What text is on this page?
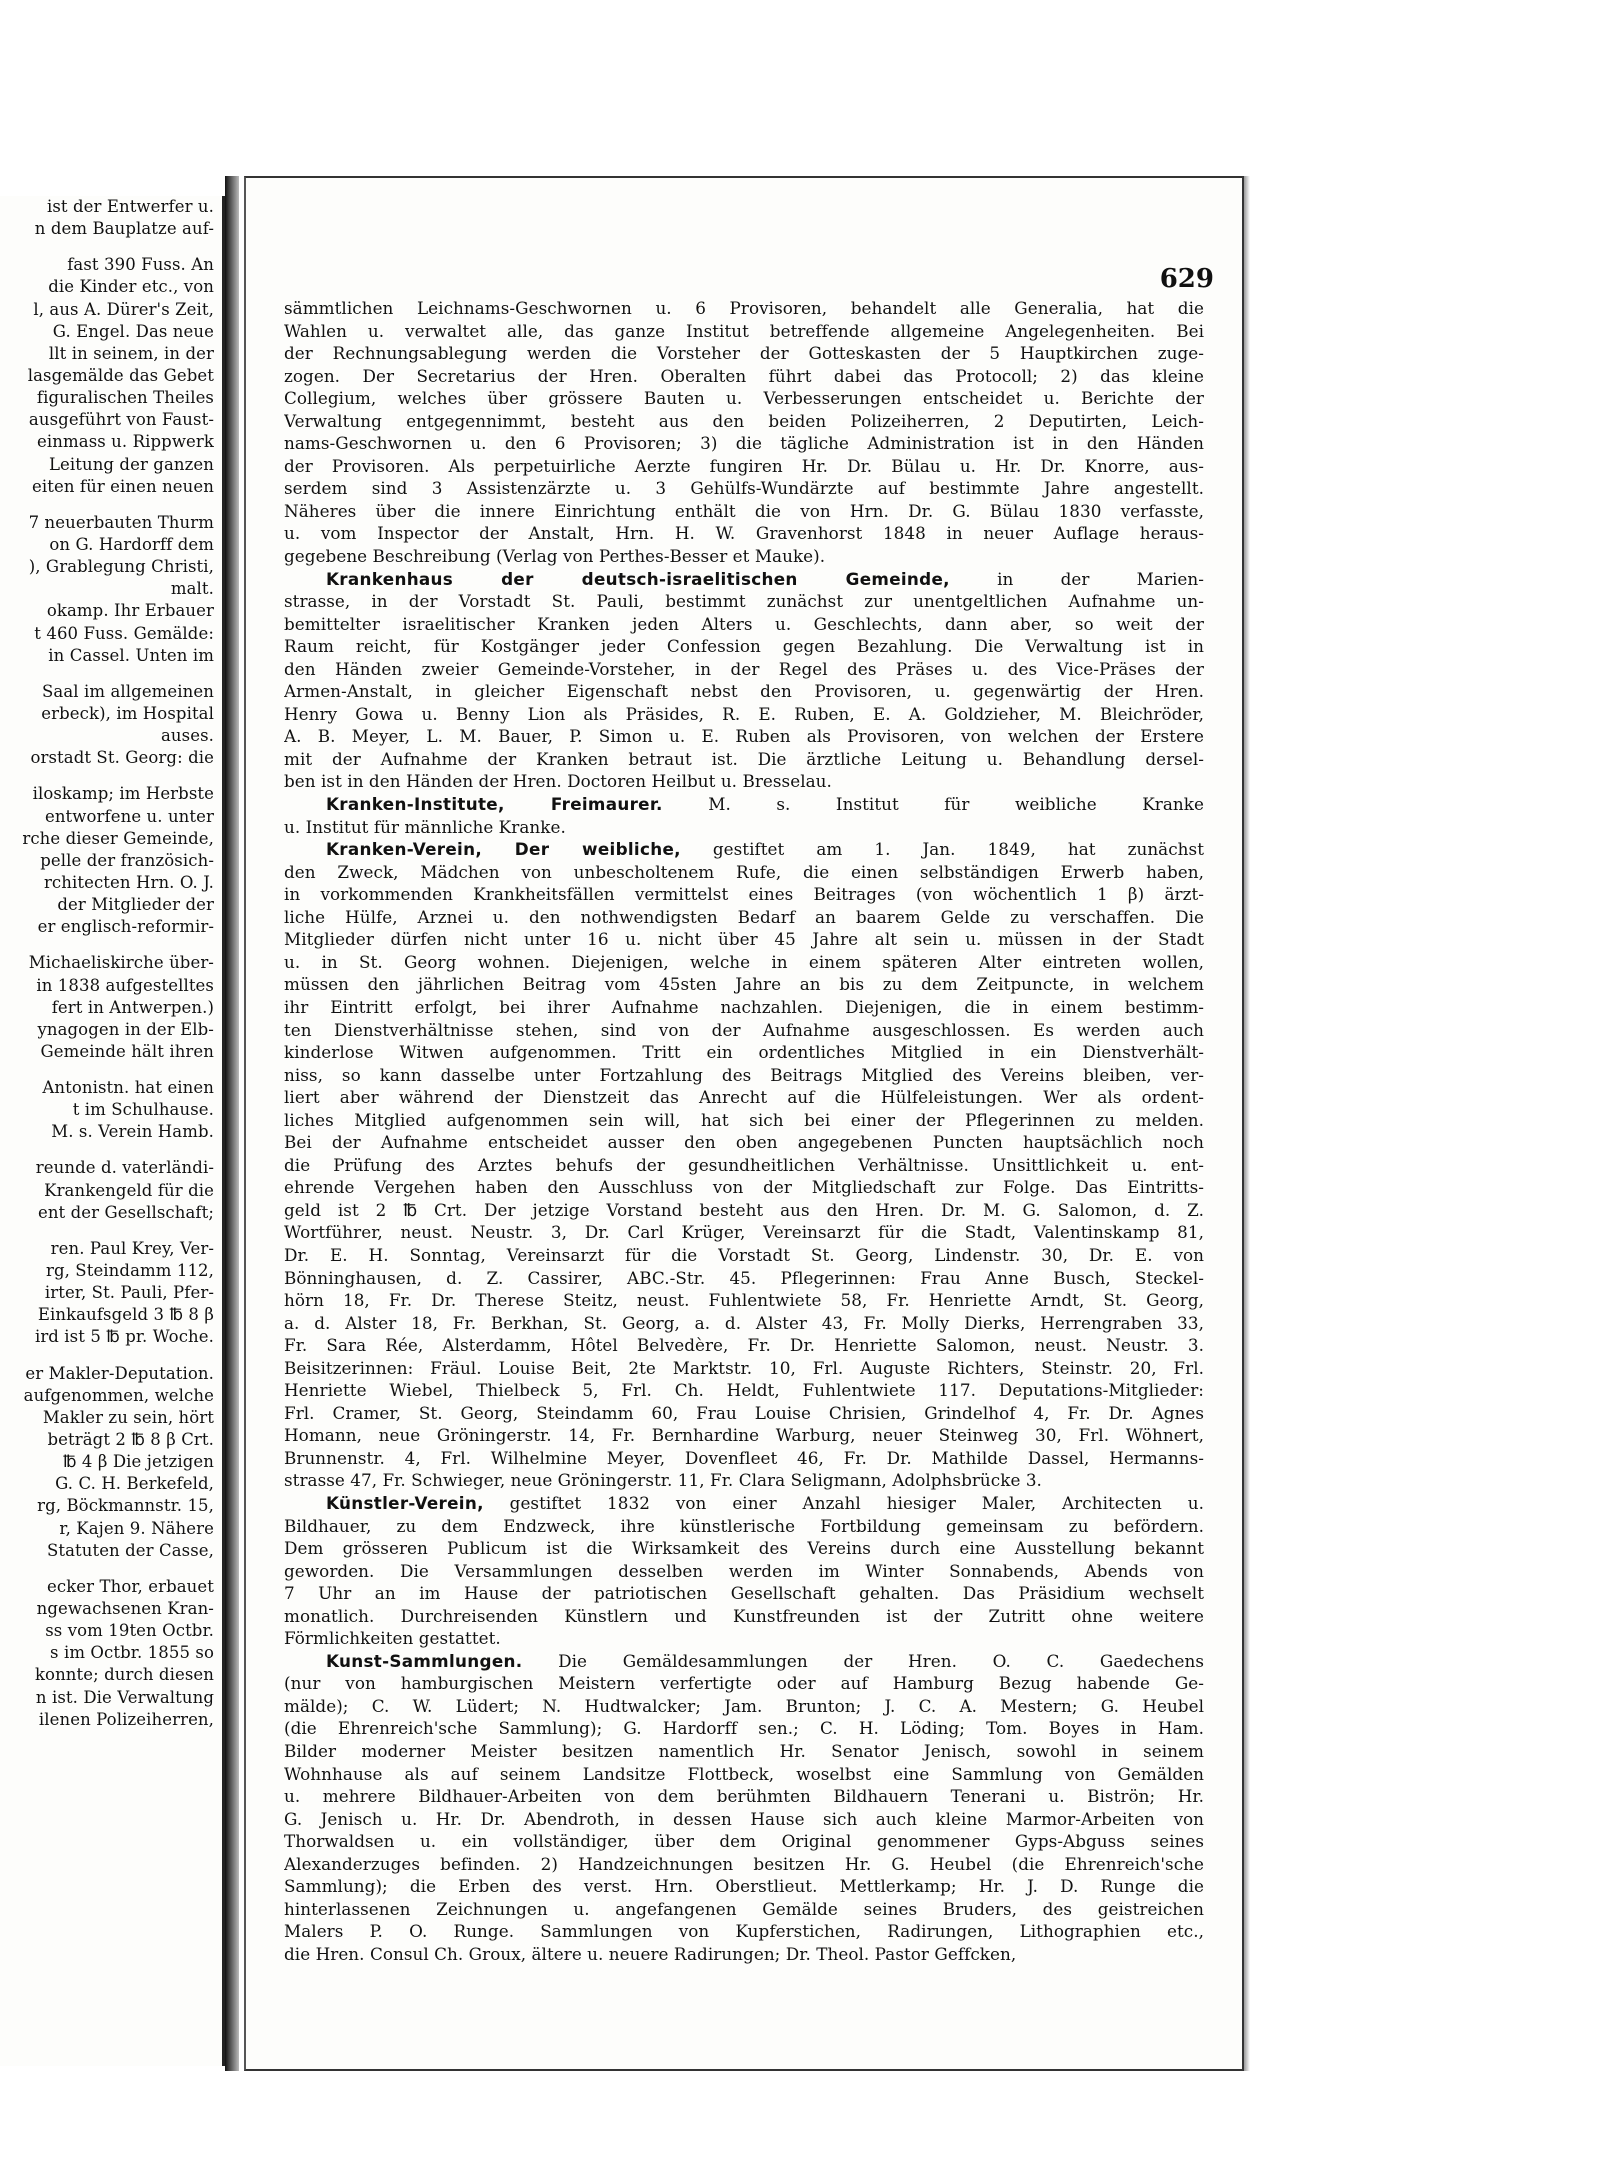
ist der Entwerfer u.
n dem Bauplatze auf-
fast 390 Fuss. An
die Kinder etc., von
l, aus A. Dürer's Zeit,
G. Engel. Das neue
llt in seinem, in der
lasgemälde das Gebet
figuralischen Theiles
ausgeführt von Faust-
einmass u. Rippwerk
Leitung der ganzen
eiten für einen neuen
7 neuerbauten Thurm
on G. Hardorff dem
), Grablegung Christi,
malt.
okamp. Ihr Erbauer
t 460 Fuss. Gemälde:
in Cassel. Unten im
Saal im allgemeinen
erbeck), im Hospital
auses.
orstadt St. Georg: die
iloskamp; im Herbste
entworfene u. unter
rche dieser Gemeinde,
pelle der französich-
rchitecten Hrn. O. J.
der Mitglieder der
er englisch-reformir-
Michaeliskirche über-
in 1838 aufgestelltes
fert in Antwerpen.)
ynagogen in der Elb-
Gemeinde hält ihren
Antonistn. hat einen
t im Schulhause.
M. s. Verein Hamb.
reunde d. vaterländi-
Krankengeld für die
ent der Gesellschaft;
ren. Paul Krey, Ver-
rg, Steindamm 112,
irter, St. Pauli, Pfer-
Einkaufsgeld 3 ℔ 8 β
ird ist 5 ℔ pr. Woche.
er Makler-Deputation.
aufgenommen, welche
Makler zu sein, hört
beträgt 2 ℔ 8 β Crt.
℔ 4 β Die jetzigen
G. C. H. Berkefeld,
rg, Böckmannstr. 15,
r, Kajen 9. Nähere
Statuten der Casse,
ecker Thor, erbauet
ngewachsenen Kran-
ss vom 19ten Octbr.
s im Octbr. 1855 so
konnte; durch diesen
n ist. Die Verwaltung
ilenen Polizeiherren,
629
sämmtlichen Leichnams-Geschwornen u. 6 Provisoren, behandelt alle Generalia, hat die
Wahlen u. verwaltet alle, das ganze Institut betreffende allgemeine Angelegenheiten. Bei
der Rechnungsablegung werden die Vorsteher der Gotteskasten der 5 Hauptkirchen zuge-
zogen. Der Secretarius der Hren. Oberalten führt dabei das Protocoll; 2) das kleine
Collegium, welches über grössere Bauten u. Verbesserungen entscheidet u. Berichte der
Verwaltung entgegennimmt, besteht aus den beiden Polizeiherren, 2 Deputirten, Leich-
nams-Geschwornen u. den 6 Provisoren; 3) die tägliche Administration ist in den Händen
der Provisoren. Als perpetuirliche Aerzte fungiren Hr. Dr. Bülau u. Hr. Dr. Knorre, aus-
serdem sind 3 Assistenzärzte u. 3 Gehülfs-Wundärzte auf bestimmte Jahre angestellt.
Näheres über die innere Einrichtung enthält die von Hrn. Dr. G. Bülau 1830 verfasste,
u. vom Inspector der Anstalt, Hrn. H. W. Gravenhorst 1848 in neuer Auflage heraus-
gegebene Beschreibung (Verlag von Perthes-Besser et Mauke).
Krankenhaus der deutsch-israelitischen Gemeinde, in der Marien-
strasse, in der Vorstadt St. Pauli, bestimmt zunächst zur unentgeltlichen Aufnahme un-
bemittelter israelitischer Kranken jeden Alters u. Geschlechts, dann aber, so weit der
Raum reicht, für Kostgänger jeder Confession gegen Bezahlung. Die Verwaltung ist in
den Händen zweier Gemeinde-Vorsteher, in der Regel des Präses u. des Vice-Präses der
Armen-Anstalt, in gleicher Eigenschaft nebst den Provisoren, u. gegenwärtig der Hren.
Henry Gowa u. Benny Lion als Präsides, R. E. Ruben, E. A. Goldzieher, M. Bleichröder,
A. B. Meyer, L. M. Bauer, P. Simon u. E. Ruben als Provisoren, von welchen der Erstere
mit der Aufnahme der Kranken betraut ist. Die ärztliche Leitung u. Behandlung dersel-
ben ist in den Händen der Hren. Doctoren Heilbut u. Bresselau.
Kranken-Institute, Freimaurer. M. s. Institut für weibliche Kranke
u. Institut für männliche Kranke.
Kranken-Verein, Der weibliche, gestiftet am 1. Jan. 1849, hat zunächst
den Zweck, Mädchen von unbescholtenem Rufe, die einen selbständigen Erwerb haben,
in vorkommenden Krankheitsfällen vermittelst eines Beitrages (von wöchentlich 1 β) ärzt-
liche Hülfe, Arznei u. den nothwendigsten Bedarf an baarem Gelde zu verschaffen. Die
Mitglieder dürfen nicht unter 16 u. nicht über 45 Jahre alt sein u. müssen in der Stadt
u. in St. Georg wohnen. Diejenigen, welche in einem späteren Alter eintreten wollen,
müssen den jährlichen Beitrag vom 45sten Jahre an bis zu dem Zeitpuncte, in welchem
ihr Eintritt erfolgt, bei ihrer Aufnahme nachzahlen. Diejenigen, die in einem bestimm-
ten Dienstverhältnisse stehen, sind von der Aufnahme ausgeschlossen. Es werden auch
kinderlose Witwen aufgenommen. Tritt ein ordentliches Mitglied in ein Dienstverhält-
niss, so kann dasselbe unter Fortzahlung des Beitrags Mitglied des Vereins bleiben, ver-
liert aber während der Dienstzeit das Anrecht auf die Hülfeleistungen. Wer als ordent-
liches Mitglied aufgenommen sein will, hat sich bei einer der Pflegerinnen zu melden.
Bei der Aufnahme entscheidet ausser den oben angegebenen Puncten hauptsächlich noch
die Prüfung des Arztes behufs der gesundheitlichen Verhältnisse. Unsittlichkeit u. ent-
ehrende Vergehen haben den Ausschluss von der Mitgliedschaft zur Folge. Das Eintritts-
geld ist 2 ℔ Crt. Der jetzige Vorstand besteht aus den Hren. Dr. M. G. Salomon, d. Z.
Wortführer, neust. Neustr. 3, Dr. Carl Krüger, Vereinsarzt für die Stadt, Valentinskamp 81,
Dr. E. H. Sonntag, Vereinsarzt für die Vorstadt St. Georg, Lindenstr. 30, Dr. E. von
Bönninghausen, d. Z. Cassirer, ABC.-Str. 45. Pflegerinnen: Frau Anne Busch, Steckel-
hörn 18, Fr. Dr. Therese Steitz, neust. Fuhlentwiete 58, Fr. Henriette Arndt, St. Georg,
a. d. Alster 18, Fr. Berkhan, St. Georg, a. d. Alster 43, Fr. Molly Dierks, Herrengraben 33,
Fr. Sara Rée, Alsterdamm, Hôtel Belvedère, Fr. Dr. Henriette Salomon, neust. Neustr. 3.
Beisitzerinnen: Fräul. Louise Beit, 2te Marktstr. 10, Frl. Auguste Richters, Steinstr. 20, Frl.
Henriette Wiebel, Thielbeck 5, Frl. Ch. Heldt, Fuhlentwiete 117. Deputations-Mitglieder:
Frl. Cramer, St. Georg, Steindamm 60, Frau Louise Chrisien, Grindelhof 4, Fr. Dr. Agnes
Homann, neue Gröningerstr. 14, Fr. Bernhardine Warburg, neuer Steinweg 30, Frl. Wöhnert,
Brunnenstr. 4, Frl. Wilhelmine Meyer, Dovenfleet 46, Fr. Dr. Mathilde Dassel, Hermanns-
strasse 47, Fr. Schwieger, neue Gröningerstr. 11, Fr. Clara Seligmann, Adolphsbrücke 3.
Künstler-Verein, gestiftet 1832 von einer Anzahl hiesiger Maler, Architecten u.
Bildhauer, zu dem Endzweck, ihre künstlerische Fortbildung gemeinsam zu befördern.
Dem grösseren Publicum ist die Wirksamkeit des Vereins durch eine Ausstellung bekannt
geworden. Die Versammlungen desselben werden im Winter Sonnabends, Abends von
7 Uhr an im Hause der patriotischen Gesellschaft gehalten. Das Präsidium wechselt
monatlich. Durchreisenden Künstlern und Kunstfreunden ist der Zutritt ohne weitere
Förmlichkeiten gestattet.
Kunst-Sammlungen. Die Gemäldesammlungen der Hren. O. C. Gaedechens
(nur von hamburgischen Meistern verfertigte oder auf Hamburg Bezug habende Ge-
mälde); C. W. Lüdert; N. Hudtwalcker; Jam. Brunton; J. C. A. Mestern; G. Heubel
(die Ehrenreich'sche Sammlung); G. Hardorff sen.; C. H. Löding; Tom. Boyes in Ham.
Bilder moderner Meister besitzen namentlich Hr. Senator Jenisch, sowohl in seinem
Wohnhause als auf seinem Landsitze Flottbeck, woselbst eine Sammlung von Gemälden
u. mehrere Bildhauer-Arbeiten von dem berühmten Bildhauern Tenerani u. Biströn; Hr.
G. Jenisch u. Hr. Dr. Abendroth, in dessen Hause sich auch kleine Marmor-Arbeiten von
Thorwaldsen u. ein vollständiger, über dem Original genommener Gyps-Abguss seines
Alexanderzuges befinden. 2) Handzeichnungen besitzen Hr. G. Heubel (die Ehrenreich'sche
Sammlung); die Erben des verst. Hrn. Oberstlieut. Mettlerkamp; Hr. J. D. Runge die
hinterlassenen Zeichnungen u. angefangenen Gemälde seines Bruders, des geistreichen
Malers P. O. Runge. Sammlungen von Kupferstichen, Radirungen, Lithographien etc.,
die Hren. Consul Ch. Groux, ältere u. neuere Radirungen; Dr. Theol. Pastor Geffcken,
